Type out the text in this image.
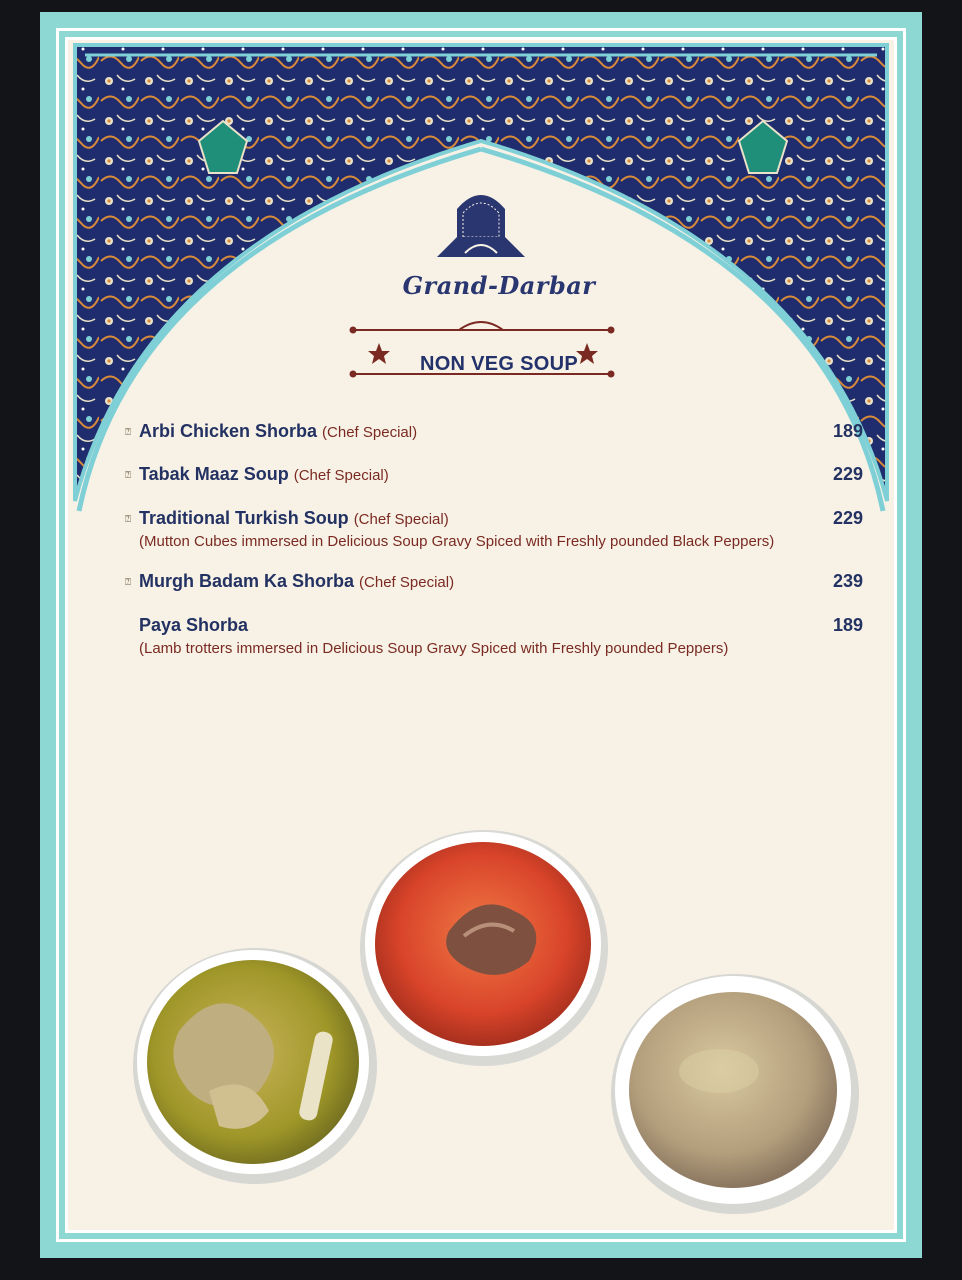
Grand-Darbar
NON VEG SOUP
⍰ Arbi Chicken Shorba (Chef Special)	189
⍰ Tabak Maaz Soup (Chef Special)	229
⍰ Traditional Turkish Soup (Chef Special)	229
(Mutton Cubes immersed in Delicious Soup Gravy Spiced with Freshly pounded Black Peppers)
⍰ Murgh Badam Ka Shorba (Chef Special)	239
Paya Shorba	189
(Lamb trotters immersed in Delicious Soup Gravy Spiced with Freshly pounded Peppers)
